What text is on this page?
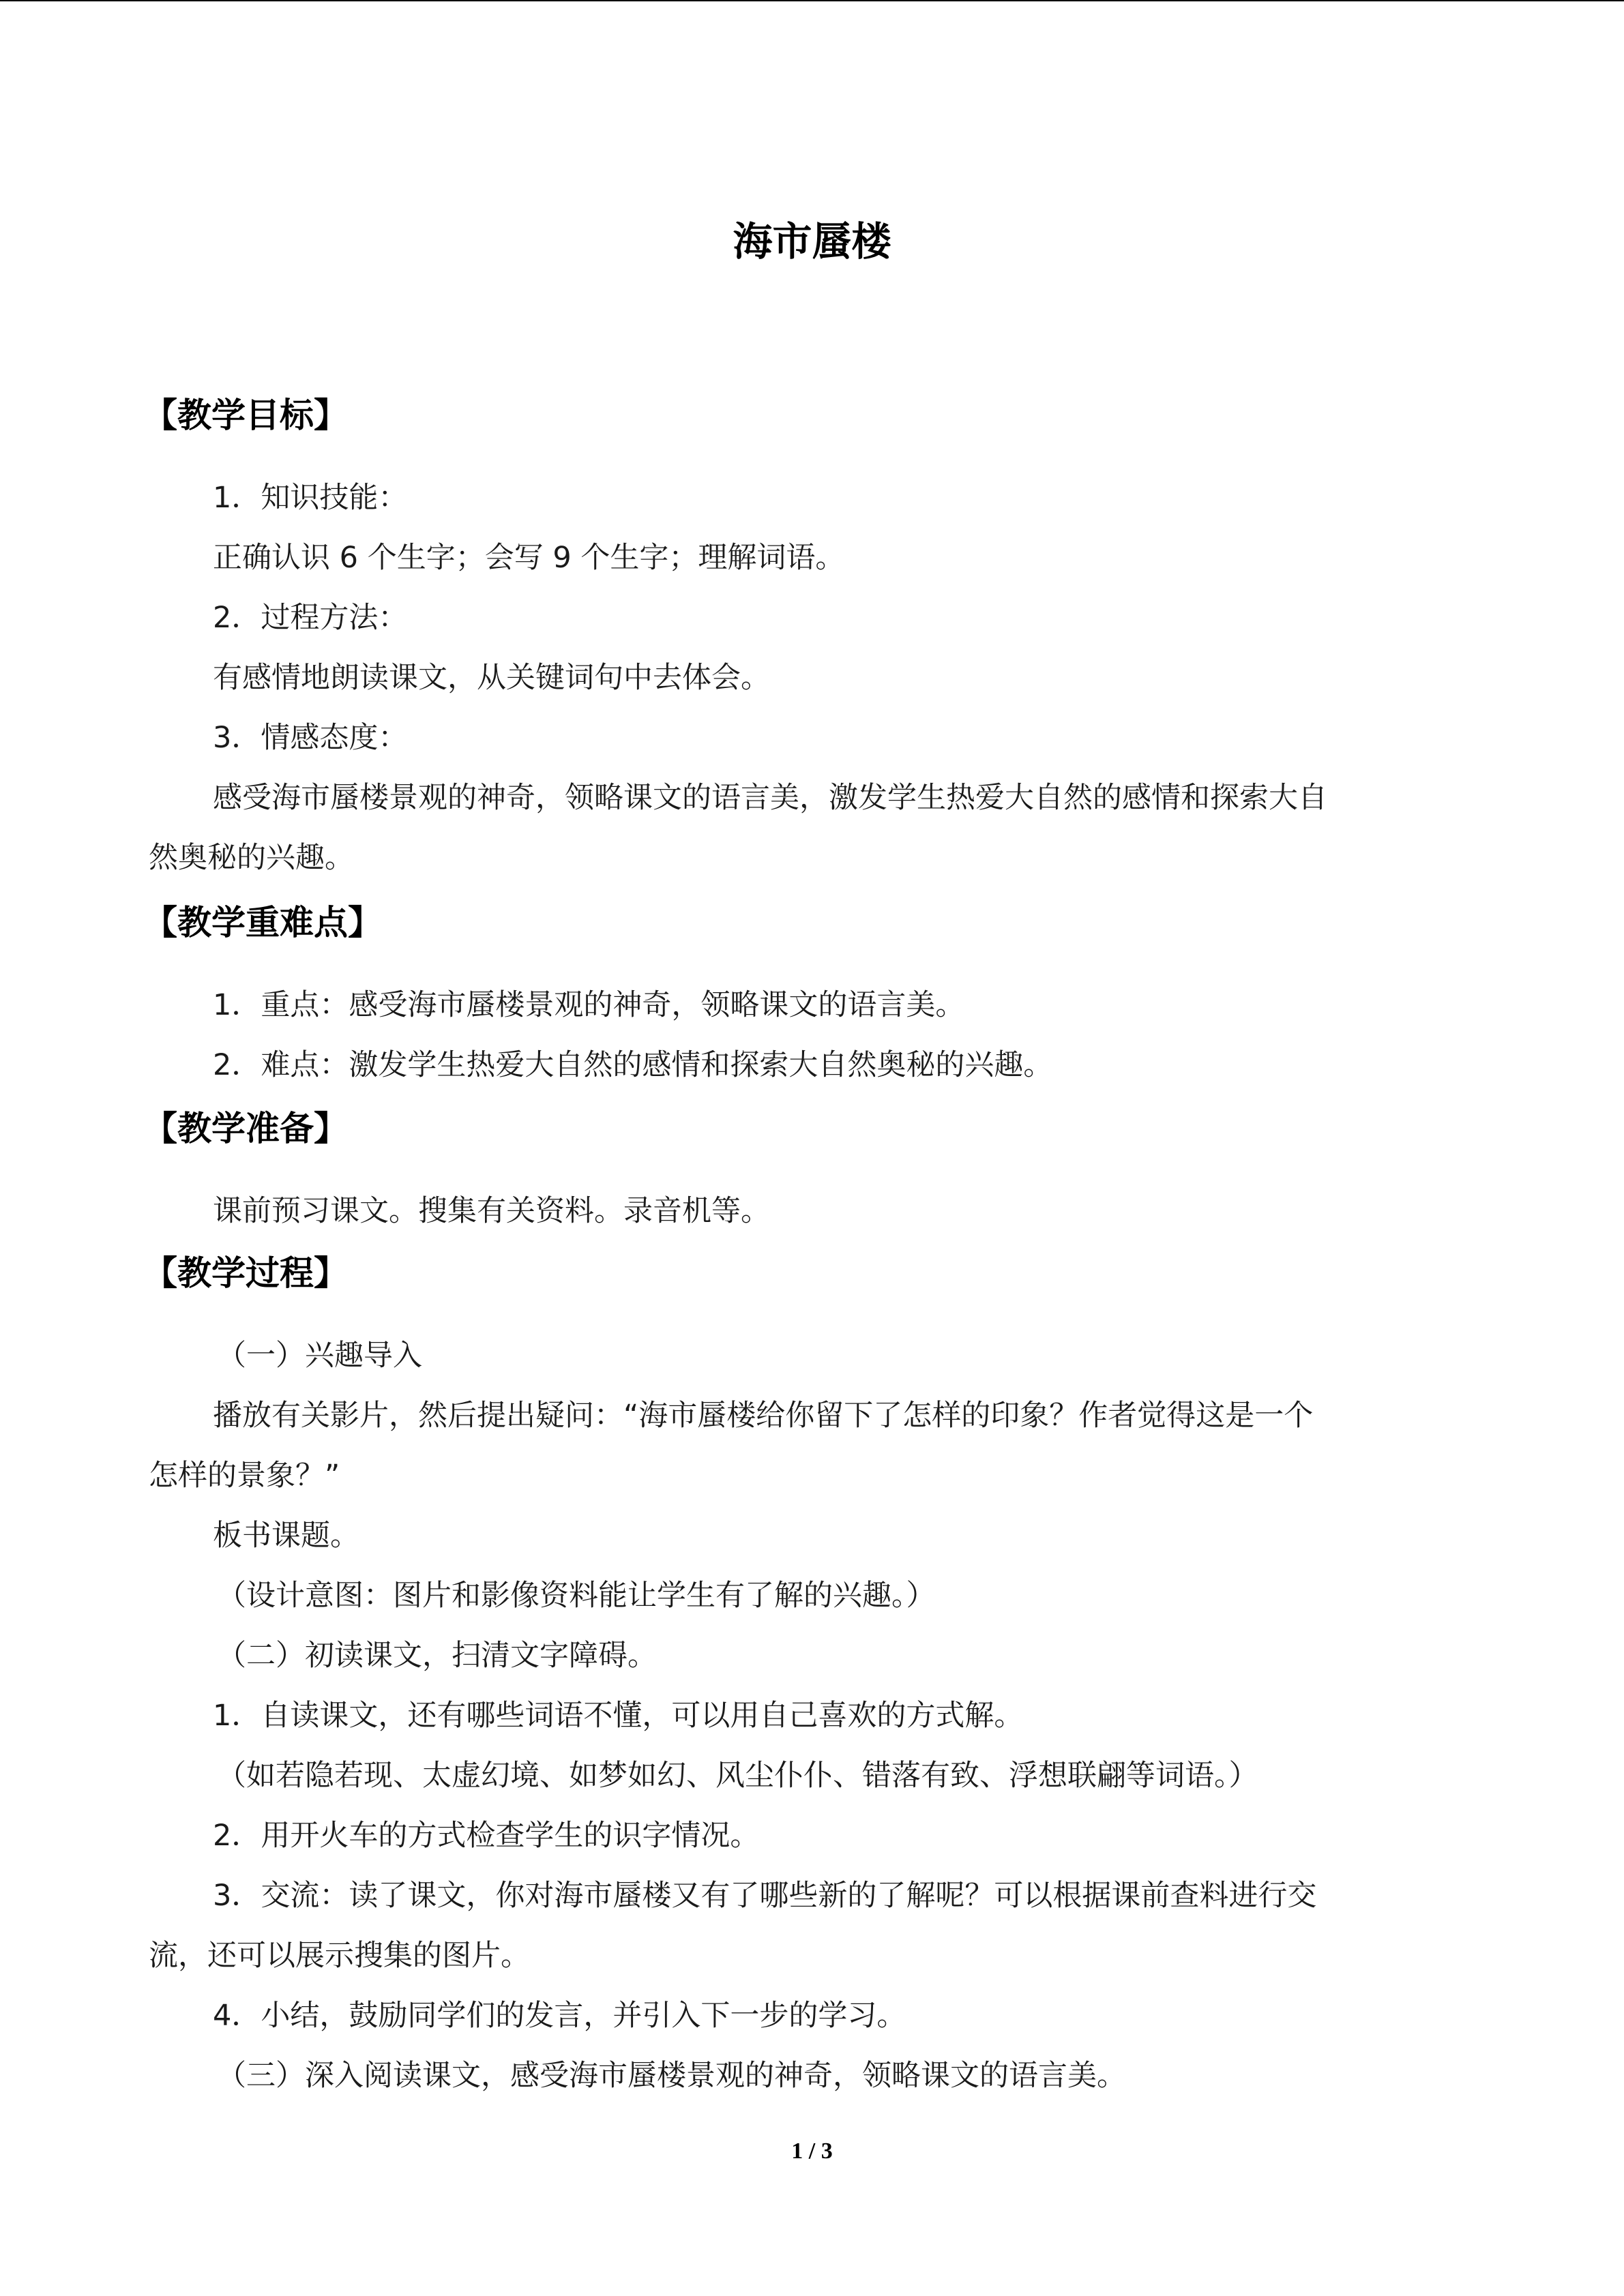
海市蜃楼
【教学目标】
1．知识技能：
正确认识 6 个生字；会写 9 个生字；理解词语。
2．过程方法：
有感情地朗读课文，从关键词句中去体会。
3．情感态度：
感受海市蜃楼景观的神奇，领略课文的语言美，激发学生热爱大自然的感情和探索大自
然奥秘的兴趣。
【教学重难点】
1．重点：感受海市蜃楼景观的神奇，领略课文的语言美。
2．难点：激发学生热爱大自然的感情和探索大自然奥秘的兴趣。
【教学准备】
课前预习课文。搜集有关资料。录音机等。
【教学过程】
（一）兴趣导入
播放有关影片，然后提出疑问：“海市蜃楼给你留下了怎样的印象？作者觉得这是一个
怎样的景象？”
板书课题。
（设计意图：图片和影像资料能让学生有了解的兴趣。）
（二）初读课文，扫清文字障碍。
1．自读课文，还有哪些词语不懂，可以用自己喜欢的方式解。
（如若隐若现、太虚幻境、如梦如幻、风尘仆仆、错落有致、浮想联翩等词语。）
2．用开火车的方式检查学生的识字情况。
3．交流：读了课文，你对海市蜃楼又有了哪些新的了解呢？可以根据课前查料进行交
流，还可以展示搜集的图片。
4．小结，鼓励同学们的发言，并引入下一步的学习。
（三）深入阅读课文，感受海市蜃楼景观的神奇，领略课文的语言美。
1 / 3
